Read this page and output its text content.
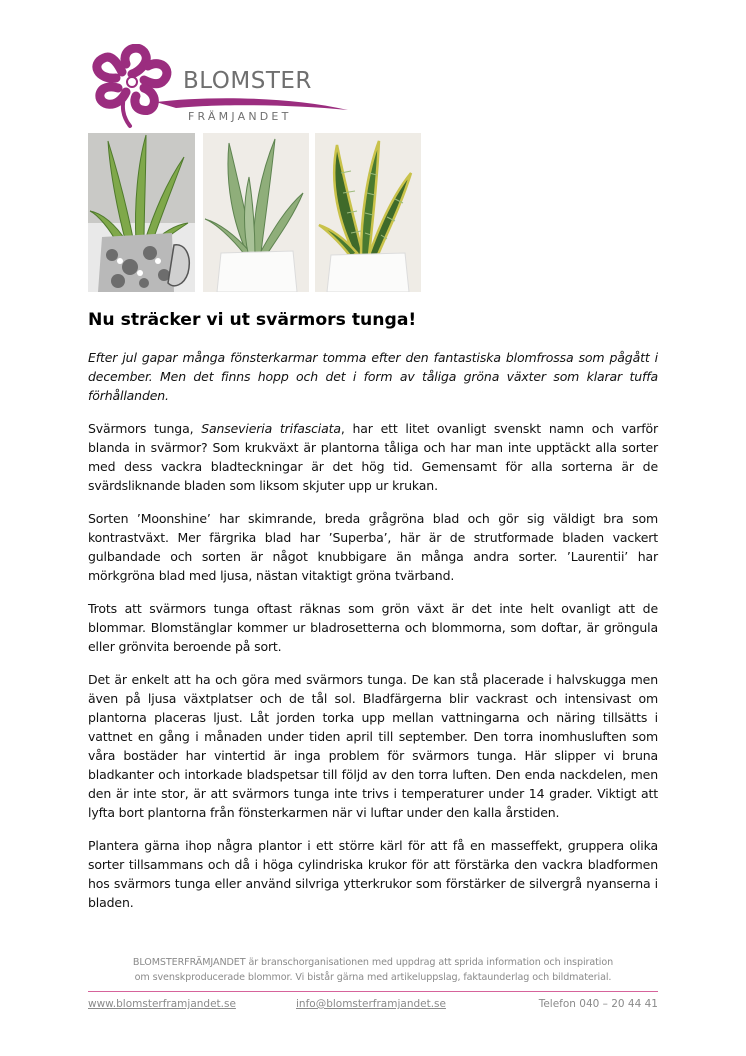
BLOMSTER
FRÄMJANDET
Nu sträcker vi ut svärmors tunga!

Efter jul gapar många fönsterkarmar tomma efter den fantastiska blomfrossa som pågått i december. Men det finns hopp och det i form av tåliga gröna växter som klarar tuffa förhållanden.

Svärmors tunga, Sansevieria trifasciata, har ett litet ovanligt svenskt namn och varför blanda in svärmor? Som krukväxt är plantorna tåliga och har man inte upptäckt alla sorter med dess vackra bladteckningar är det hög tid. Gemensamt för alla sorterna är de svärdsliknande bladen som liksom skjuter upp ur krukan.

Sorten ’Moonshine’ har skimrande, breda grågröna blad och gör sig väldigt bra som kontrastväxt. Mer färgrika blad har ’Superba’, här är de strutformade bladen vackert gulbandade och sorten är något knubbigare än många andra sorter. ’Laurentii’ har mörkgröna blad med ljusa, nästan vitaktigt gröna tvärband.

Trots att svärmors tunga oftast räknas som grön växt är det inte helt ovanligt att de blommar. Blomstänglar kommer ur bladrosetterna och blommorna, som doftar, är gröngula eller grönvita beroende på sort.

Det är enkelt att ha och göra med svärmors tunga. De kan stå placerade i halvskugga men även på ljusa växtplatser och de tål sol. Bladfärgerna blir vackrast och intensivast om plantorna placeras ljust. Låt jorden torka upp mellan vattningarna och näring tillsätts i vattnet en gång i månaden under tiden april till september. Den torra inomhusluften som våra bostäder har vintertid är inga problem för svärmors tunga. Här slipper vi bruna bladkanter och intorkade bladspetsar till följd av den torra luften. Den enda nackdelen, men den är inte stor, är att svärmors tunga inte trivs i temperaturer under 14 grader. Viktigt att lyfta bort plantorna från fönsterkarmen när vi luftar under den kalla årstiden.

Plantera gärna ihop några plantor i ett större kärl för att få en masseffekt, gruppera olika sorter tillsammans och då i höga cylindriska krukor för att förstärka den vackra bladformen hos svärmors tunga eller använd silvriga ytterkrukor som förstärker de silvergrå nyanserna i bladen.

BLOMSTERFRÄMJANDET är branschorganisationen med uppdrag att sprida information och inspiration
om svenskproducerade blommor. Vi bistår gärna med artikeluppslag, faktaunderlag och bildmaterial.
www.blomsterframjandet.se	info@blomsterframjandet.se	Telefon 040 – 20 44 41
